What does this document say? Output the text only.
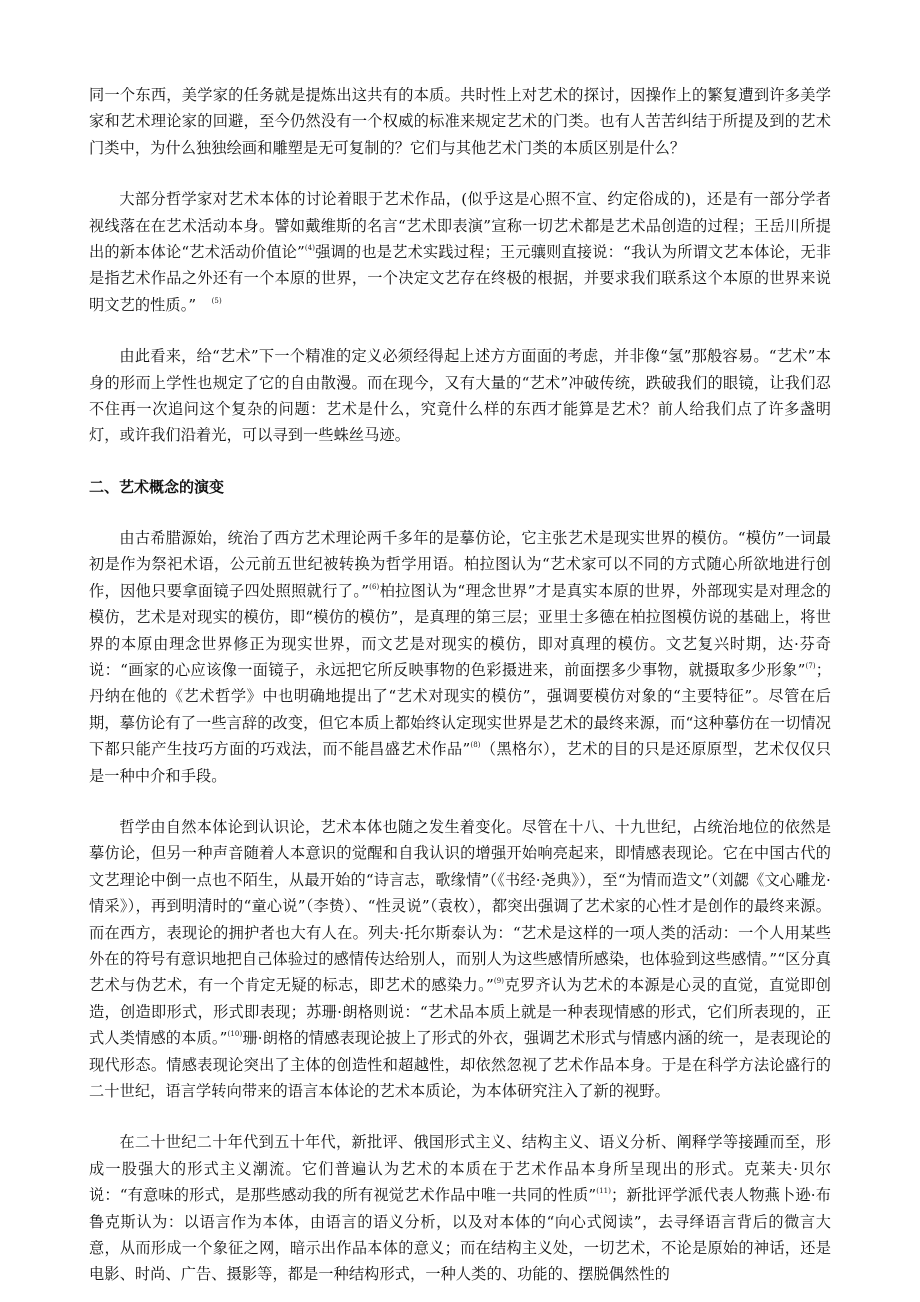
同一个东西，美学家的任务就是提炼出这共有的本质。共时性上对艺术的探讨，因操作上的繁复遭到许多美学家和艺术理论家的回避，至今仍然没有一个权威的标准来规定艺术的门类。也有人苦苦纠结于所提及到的艺术门类中，为什么独独绘画和雕塑是无可复制的？它们与其他艺术门类的本质区别是什么？

大部分哲学家对艺术本体的讨论着眼于艺术作品，(似乎这是心照不宣、约定俗成的)，还是有一部分学者视线落在在艺术活动本身。譬如戴维斯的名言“艺术即表演”宣称一切艺术都是艺术品创造的过程；王岳川所提出的新本体论“艺术活动价值论”$^{(4)}$强调的也是艺术实践过程；王元骧则直接说：“我认为所谓文艺本体论，无非是指艺术作品之外还有一个本原的世界，一个决定文艺存在终极的根据，并要求我们联系这个本原的世界来说明文艺的性质。”　 $^{(5)}$

由此看来，给“艺术”下一个精准的定义必须经得起上述方方面面的考虑，并非像“氢”那般容易。“艺术”本身的形而上学性也规定了它的自由散漫。而在现今，又有大量的“艺术”冲破传统，跌破我们的眼镜，让我们忍不住再一次追问这个复杂的问题：艺术是什么，究竟什么样的东西才能算是艺术？前人给我们点了许多盏明灯，或许我们沿着光，可以寻到一些蛛丝马迹。

二、艺术概念的演变

由古希腊源始，统治了西方艺术理论两千多年的是摹仿论，它主张艺术是现实世界的模仿。“模仿”一词最初是作为祭祀术语，公元前五世纪被转换为哲学用语。柏拉图认为“艺术家可以不同的方式随心所欲地进行创作，因他只要拿面镜子四处照照就行了。”$^{(6)}$柏拉图认为“理念世界”才是真实本原的世界，外部现实是对理念的模仿，艺术是对现实的模仿，即“模仿的模仿”，是真理的第三层；亚里士多德在柏拉图模仿说的基础上，将世界的本原由理念世界修正为现实世界，而文艺是对现实的模仿，即对真理的模仿。文艺复兴时期，达·芬奇说：“画家的心应该像一面镜子，永远把它所反映事物的色彩摄进来，前面摆多少事物，就摄取多少形象”$^{(7)}$；丹纳在他的《艺术哲学》中也明确地提出了“艺术对现实的模仿”，强调要模仿对象的“主要特征”。尽管在后期，摹仿论有了一些言辞的改变，但它本质上都始终认定现实世界是艺术的最终来源，而“这种摹仿在一切情况下都只能产生技巧方面的巧戏法，而不能昌盛艺术作品”$^{(8)}$（黑格尔），艺术的目的只是还原原型，艺术仅仅只是一种中介和手段。

哲学由自然本体论到认识论，艺术本体也随之发生着变化。尽管在十八、十九世纪，占统治地位的依然是摹仿论，但另一种声音随着人本意识的觉醒和自我认识的增强开始响亮起来，即情感表现论。它在中国古代的文艺理论中倒一点也不陌生，从最开始的“诗言志，歌缘情”（《书经·尧典》），至“为情而造文”（刘勰《文心雕龙·情采》），再到明清时的“童心说”（李贽）、“性灵说”（袁枚），都突出强调了艺术家的心性才是创作的最终来源。而在西方，表现论的拥护者也大有人在。列夫·托尔斯泰认为：“艺术是这样的一项人类的活动：一个人用某些外在的符号有意识地把自己体验过的感情传达给别人，而别人为这些感情所感染，也体验到这些感情。”“区分真艺术与伪艺术，有一个肯定无疑的标志，即艺术的感染力。”$^{(9)}$克罗齐认为艺术的本源是心灵的直觉，直觉即创造，创造即形式，形式即表现；苏珊·朗格则说：“艺术品本质上就是一种表现情感的形式，它们所表现的，正式人类情感的本质。”$^{(10)}$珊·朗格的情感表现论披上了形式的外衣，强调艺术形式与情感内涵的统一，是表现论的现代形态。情感表现论突出了主体的创造性和超越性，却依然忽视了艺术作品本身。于是在科学方法论盛行的二十世纪，语言学转向带来的语言本体论的艺术本质论，为本体研究注入了新的视野。

在二十世纪二十年代到五十年代，新批评、俄国形式主义、结构主义、语义分析、阐释学等接踵而至，形成一股强大的形式主义潮流。它们普遍认为艺术的本质在于艺术作品本身所呈现出的形式。克莱夫·贝尔说：“有意味的形式，是那些感动我的所有视觉艺术作品中唯一共同的性质”$^{(11)}$；新批评学派代表人物燕卜逊·布鲁克斯认为：以语言作为本体，由语言的语义分析，以及对本体的“向心式阅读”，去寻绎语言背后的微言大意，从而形成一个象征之网，暗示出作品本体的意义；而在结构主义处，一切艺术，不论是原始的神话，还是电影、时尚、广告、摄影等，都是一种结构形式，一种人类的、功能的、摆脱偶然性的
